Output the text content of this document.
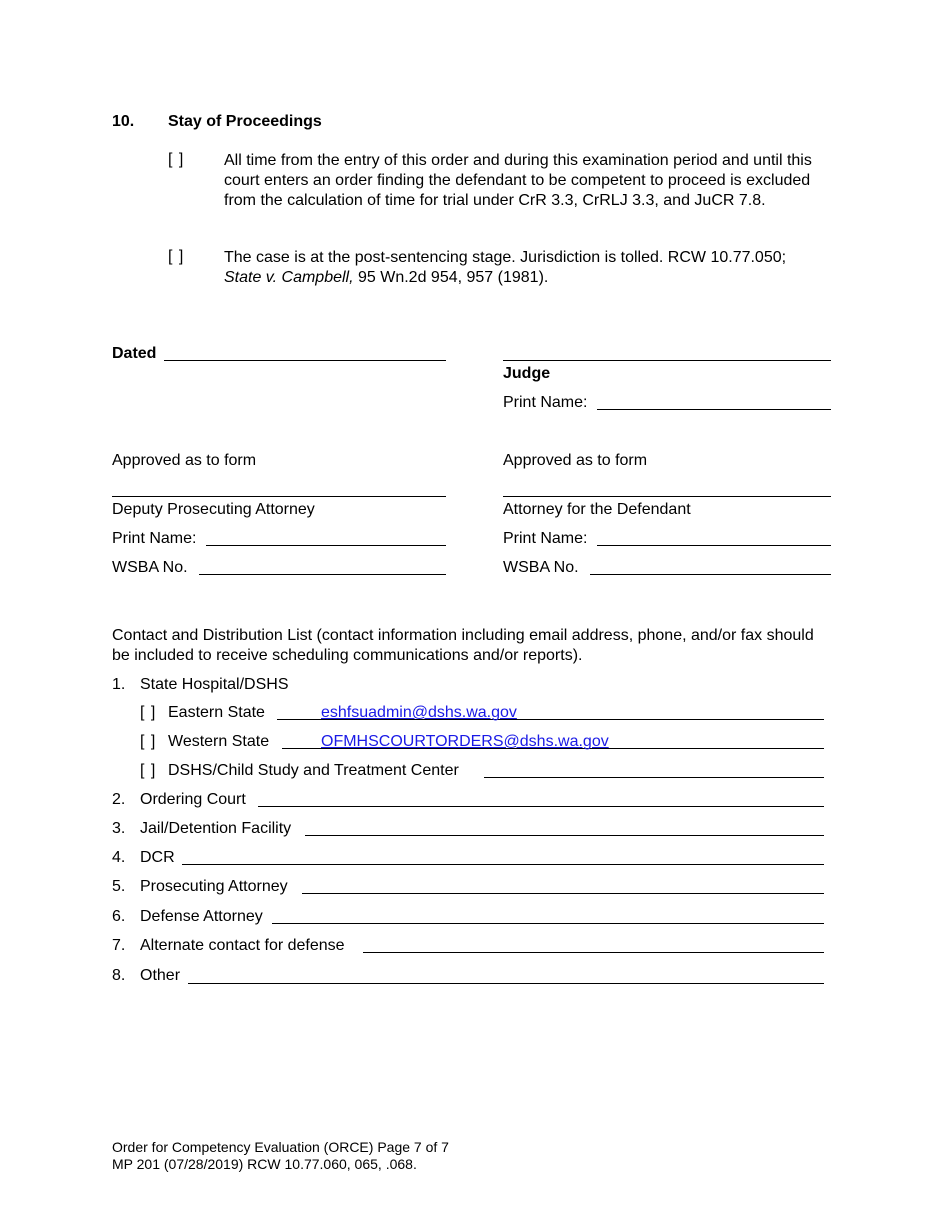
10. Stay of Proceedings
[ ] All time from the entry of this order and during this examination period and until this court enters an order finding the defendant to be competent to proceed is excluded from the calculation of time for trial under CrR 3.3, CrRLJ 3.3, and JuCR 7.8.
[ ] The case is at the post-sentencing stage. Jurisdiction is tolled. RCW 10.77.050;
State v. Campbell, 95 Wn.2d 954, 957 (1981).
Dated
Judge
Print Name:
Approved as to form	Approved as to form
Deputy Prosecuting Attorney	Attorney for the Defendant
Print Name:	Print Name:
WSBA No.	WSBA No.
Contact and Distribution List (contact information including email address, phone, and/or fax should be included to receive scheduling communications and/or reports).
1. State Hospital/DSHS
[ ] Eastern State	eshfsuadmin@dshs.wa.gov
[ ] Western State	OFMHSCOURTORDERS@dshs.wa.gov
[ ] DSHS/Child Study and Treatment Center
2. Ordering Court
3. Jail/Detention Facility
4. DCR
5. Prosecuting Attorney
6. Defense Attorney
7. Alternate contact for defense
8. Other
Order for Competency Evaluation (ORCE) Page 7 of 7
MP 201 (07/28/2019) RCW 10.77.060, 065, .068.
